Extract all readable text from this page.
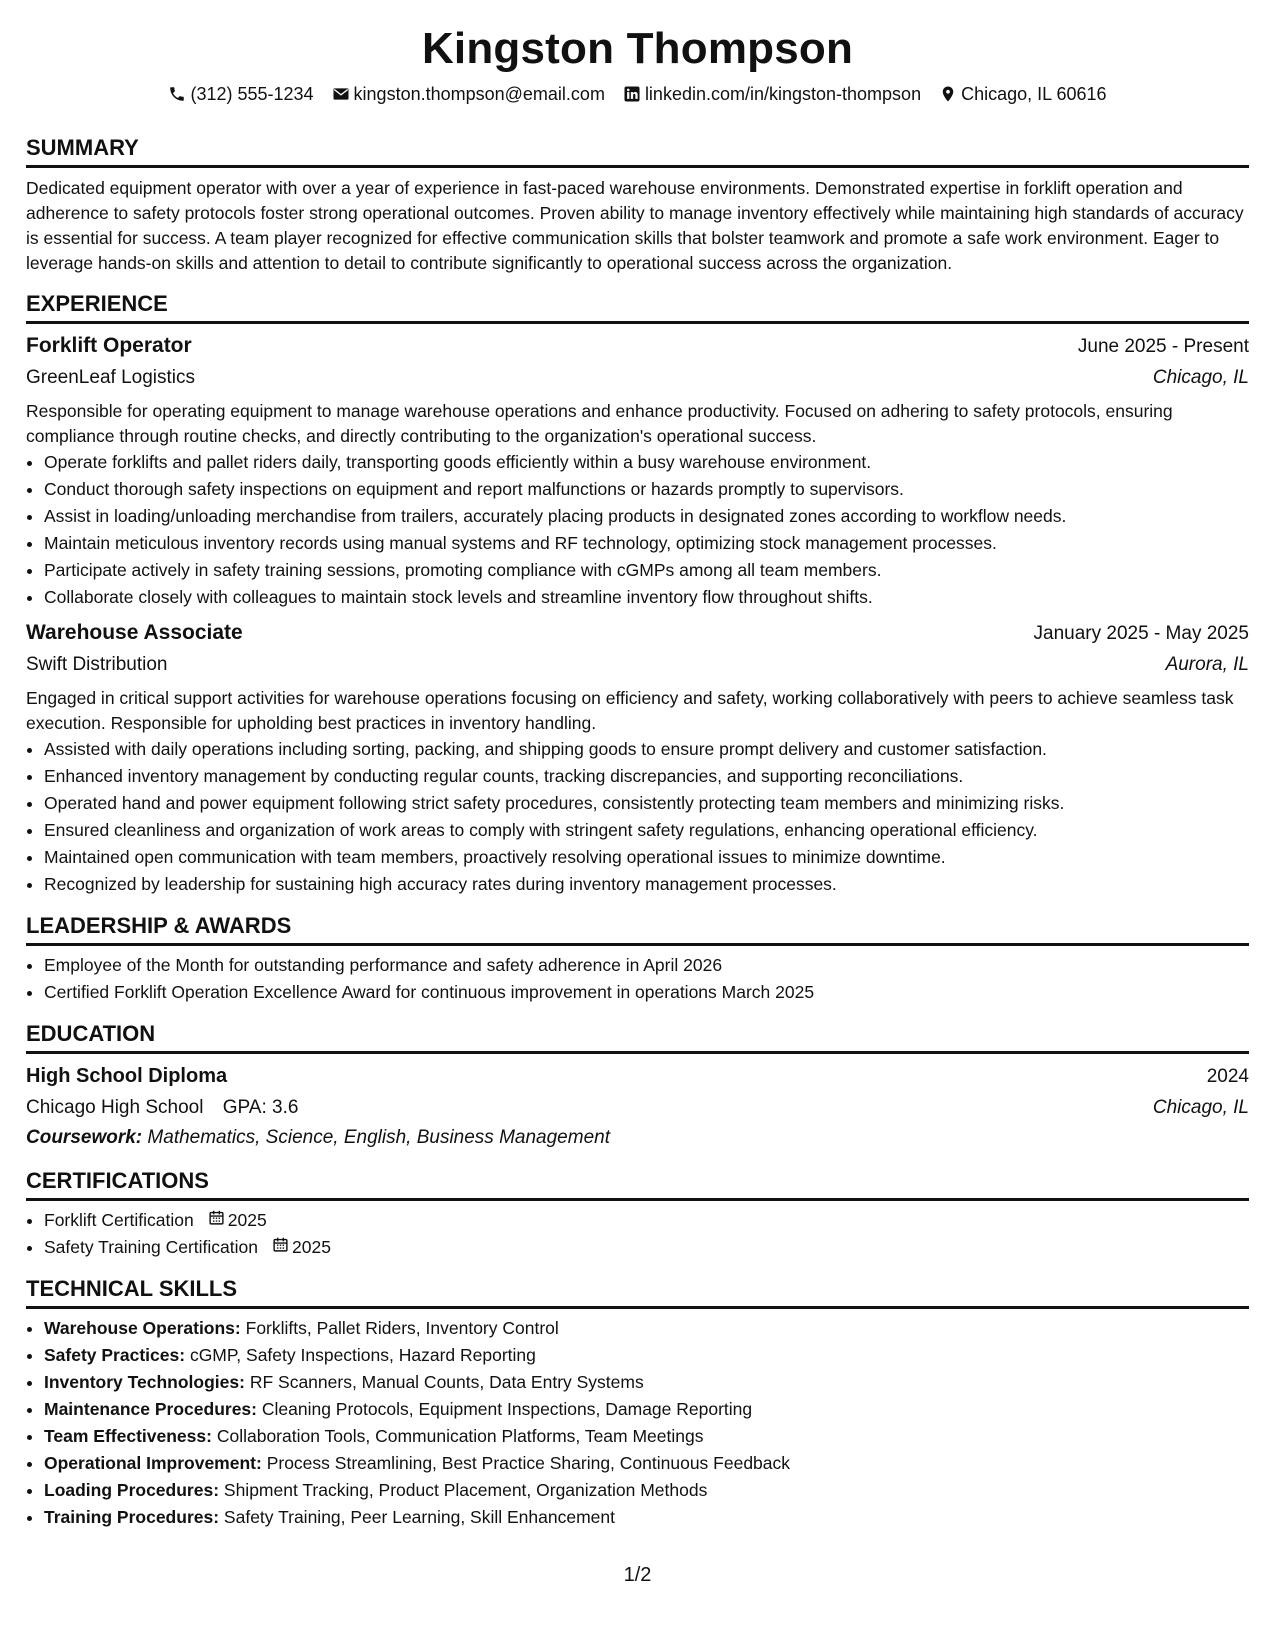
Kingston Thompson
(312) 555-1234 kingston.thompson@email.com linkedin.com/in/kingston-thompson Chicago, IL 60616
SUMMARY

Dedicated equipment operator with over a year of experience in fast-paced warehouse environments. Demonstrated expertise in forklift operation and adherence to safety protocols foster strong operational outcomes. Proven ability to manage inventory effectively while maintaining high standards of accuracy is essential for success. A team player recognized for effective communication skills that bolster teamwork and promote a safe work environment. Eager to leverage hands-on skills and attention to detail to contribute significantly to operational success across the organization.

EXPERIENCE
Forklift Operator	June 2025 - Present
GreenLeaf Logistics	Chicago, IL

Responsible for operating equipment to manage warehouse operations and enhance productivity. Focused on adhering to safety protocols, ensuring compliance through routine checks, and directly contributing to the organization's operational success.

• Operate forklifts and pallet riders daily, transporting goods efficiently within a busy warehouse environment.
• Conduct thorough safety inspections on equipment and report malfunctions or hazards promptly to supervisors.
• Assist in loading/unloading merchandise from trailers, accurately placing products in designated zones according to workflow needs.
• Maintain meticulous inventory records using manual systems and RF technology, optimizing stock management processes.
• Participate actively in safety training sessions, promoting compliance with cGMPs among all team members.
• Collaborate closely with colleagues to maintain stock levels and streamline inventory flow throughout shifts.
Warehouse Associate	January 2025 - May 2025
Swift Distribution	Aurora, IL

Engaged in critical support activities for warehouse operations focusing on efficiency and safety, working collaboratively with peers to achieve seamless task execution. Responsible for upholding best practices in inventory handling.

• Assisted with daily operations including sorting, packing, and shipping goods to ensure prompt delivery and customer satisfaction.
• Enhanced inventory management by conducting regular counts, tracking discrepancies, and supporting reconciliations.
• Operated hand and power equipment following strict safety procedures, consistently protecting team members and minimizing risks.
• Ensured cleanliness and organization of work areas to comply with stringent safety regulations, enhancing operational efficiency.
• Maintained open communication with team members, proactively resolving operational issues to minimize downtime.
• Recognized by leadership for sustaining high accuracy rates during inventory management processes.
LEADERSHIP & AWARDS
• Employee of the Month for outstanding performance and safety adherence in April 2026
• Certified Forklift Operation Excellence Award for continuous improvement in operations March 2025
EDUCATION
High School Diploma	2024
Chicago High School GPA: 3.6	Chicago, IL
Coursework: Mathematics, Science, English, Business Management
CERTIFICATIONS
• Forklift Certification 2025
• Safety Training Certification 2025
TECHNICAL SKILLS
• Warehouse Operations: Forklifts, Pallet Riders, Inventory Control
• Safety Practices: cGMP, Safety Inspections, Hazard Reporting
• Inventory Technologies: RF Scanners, Manual Counts, Data Entry Systems
• Maintenance Procedures: Cleaning Protocols, Equipment Inspections, Damage Reporting
• Team Effectiveness: Collaboration Tools, Communication Platforms, Team Meetings
• Operational Improvement: Process Streamlining, Best Practice Sharing, Continuous Feedback
• Loading Procedures: Shipment Tracking, Product Placement, Organization Methods
• Training Procedures: Safety Training, Peer Learning, Skill Enhancement
1/2
